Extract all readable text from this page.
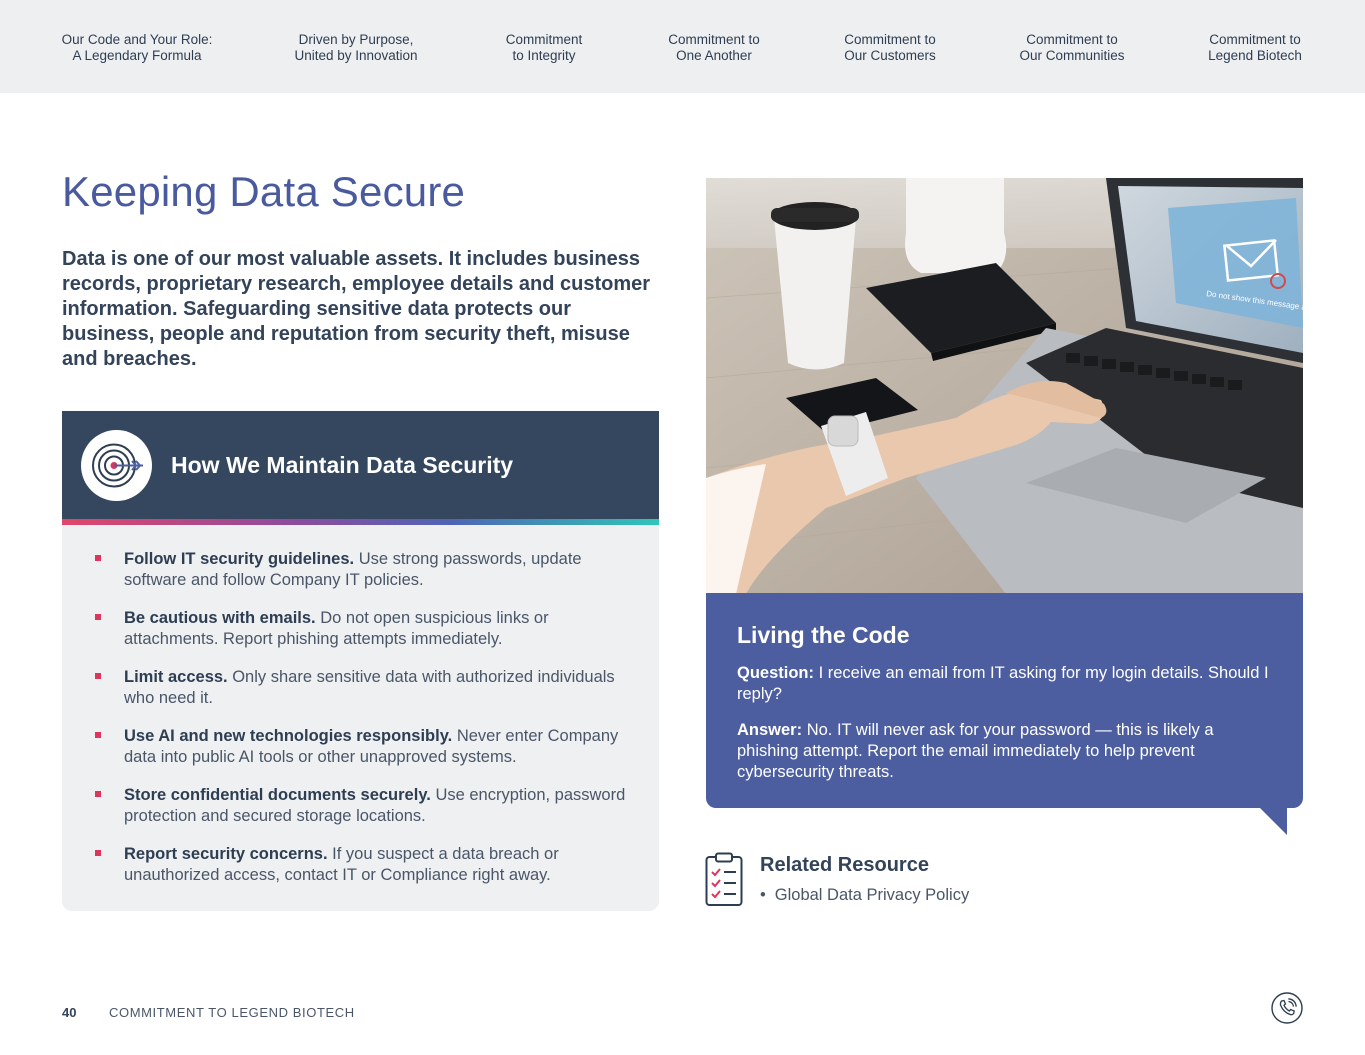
Our Code and Your Role:
A Legendary Formula
Driven by Purpose,
United by Innovation
Commitment
to Integrity
Commitment to
One Another
Commitment to
Our Customers
Commitment to
Our Communities
Commitment to
Legend Biotech
Keeping Data Secure

Data is one of our most valuable assets. It includes business records, proprietary research, employee details and customer information. Safeguarding sensitive data protects our business, people and reputation from security theft, misuse and breaches.

How We Maintain Data Security
Follow IT security guidelines. Use strong passwords, update software and follow Company IT policies.
Be cautious with emails. Do not open suspicious links or attachments. Report phishing attempts immediately.
Limit access. Only share sensitive data with authorized individuals who need it.
Use AI and new technologies responsibly. Never enter Company data into public AI tools or other unapproved systems.
Store confidential documents securely. Use encryption, password protection and secured storage locations.
Report security concerns. If you suspect a data breach or unauthorized access, contact IT or Compliance right away.
Do not show this message again
Living the Code

Question: I receive an email from IT asking for my login details. Should I reply?

Answer: No. IT will never ask for your password — this is likely a phishing attempt. Report the email immediately to help prevent cybersecurity threats.

Related Resource
• Global Data Privacy Policy
40	COMMITMENT TO LEGEND BIOTECH
